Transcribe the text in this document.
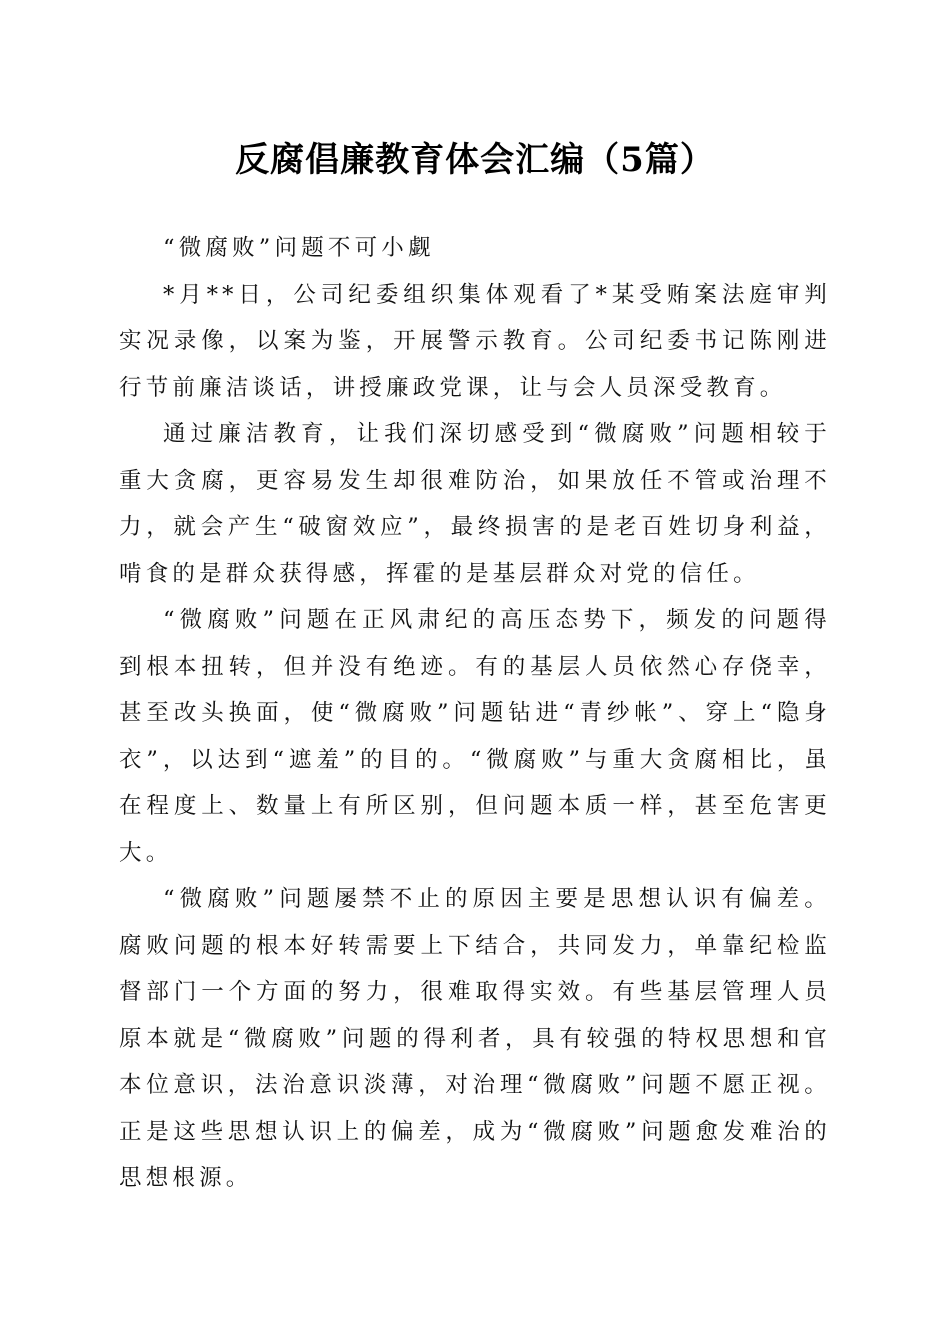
反腐倡廉教育体会汇编（5篇）

“微腐败”问题不可小觑

*月**日，公司纪委组织集体观看了*某受贿案法庭审判实况录像，以案为鉴，开展警示教育。公司纪委书记陈刚进行节前廉洁谈话，讲授廉政党课，让与会人员深受教育。

通过廉洁教育，让我们深切感受到“微腐败”问题相较于重大贪腐，更容易发生却很难防治，如果放任不管或治理不力，就会产生“破窗效应”，最终损害的是老百姓切身利益，啃食的是群众获得感，挥霍的是基层群众对党的信任。

“微腐败”问题在正风肃纪的高压态势下，频发的问题得到根本扭转，但并没有绝迹。有的基层人员依然心存侥幸，甚至改头换面，使“微腐败”问题钻进“青纱帐”、穿上“隐身衣”，以达到“遮羞”的目的。“微腐败”与重大贪腐相比，虽在程度上、数量上有所区别，但问题本质一样，甚至危害更大。

“微腐败”问题屡禁不止的原因主要是思想认识有偏差。腐败问题的根本好转需要上下结合，共同发力，单靠纪检监督部门一个方面的努力，很难取得实效。有些基层管理人员原本就是“微腐败”问题的得利者，具有较强的特权思想和官本位意识，法治意识淡薄，对治理“微腐败”问题不愿正视。正是这些思想认识上的偏差，成为“微腐败”问题愈发难治的思想根源。
